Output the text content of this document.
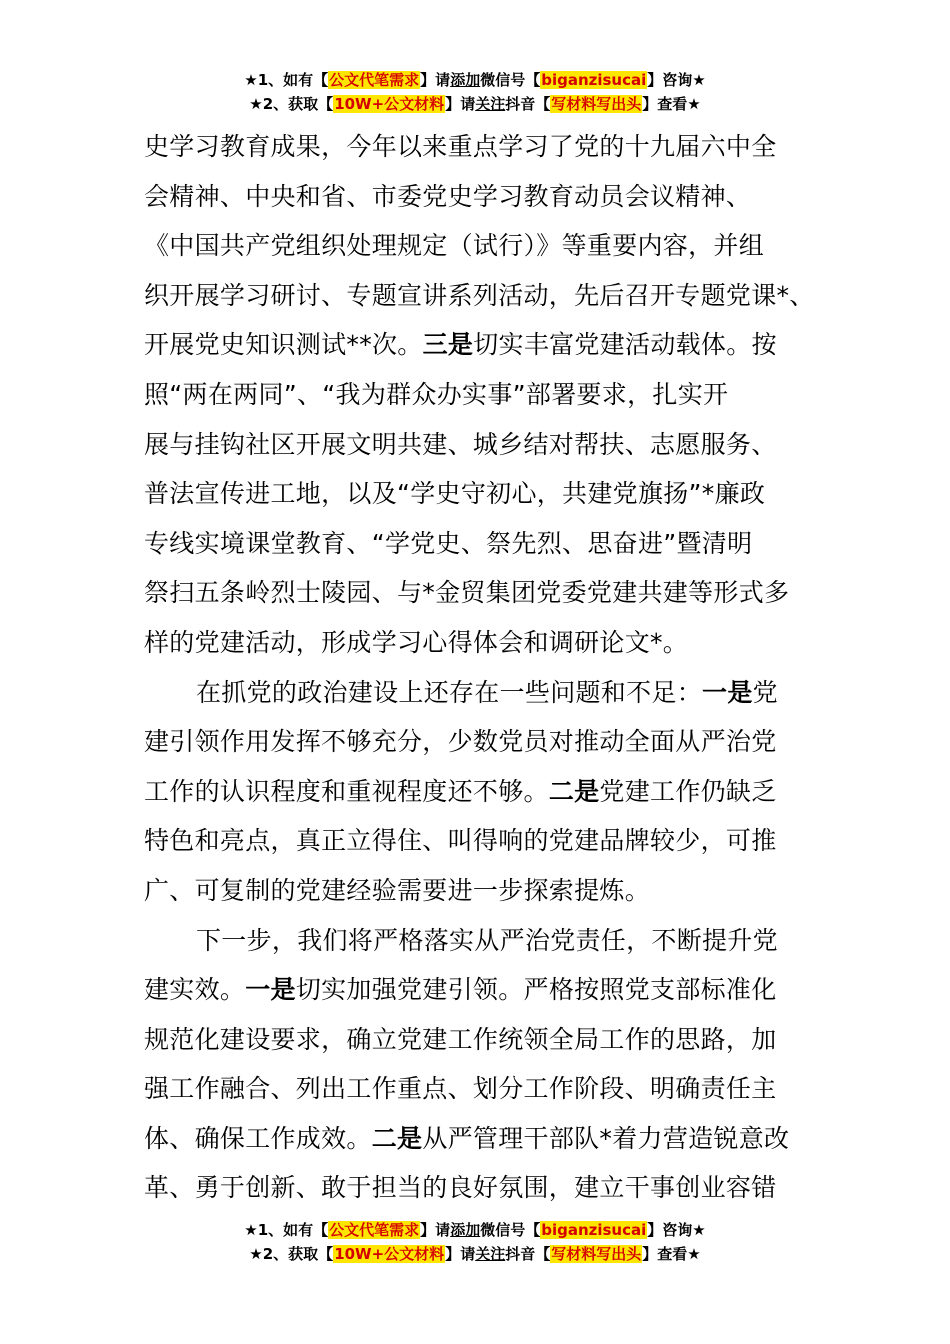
★1、如有【公文代笔需求】请添加微信号【biganzisucai】咨询★
★2、获取【10W+公文材料】请关注抖音【写材料写出头】查看★
史学习教育成果，今年以来重点学习了党的十九届六中全
会精神、中央和省、市委党史学习教育动员会议精神、
《中国共产党组织处理规定（试行）》等重要内容，并组
织开展学习研讨、专题宣讲系列活动，先后召开专题党课*、
开展党史知识测试**次。三是切实丰富党建活动载体。按
照“两在两同”、“我为群众办实事”部署要求，扎实开
展与挂钩社区开展文明共建、城乡结对帮扶、志愿服务、
普法宣传进工地，以及“学史守初心，共建党旗扬”*廉政
专线实境课堂教育、“学党史、祭先烈、思奋进”暨清明
祭扫五条岭烈士陵园、与*金贸集团党委党建共建等形式多
样的党建活动，形成学习心得体会和调研论文*。
在抓党的政治建设上还存在一些问题和不足：一是党
建引领作用发挥不够充分，少数党员对推动全面从严治党
工作的认识程度和重视程度还不够。二是党建工作仍缺乏
特色和亮点，真正立得住、叫得响的党建品牌较少，可推
广、可复制的党建经验需要进一步探索提炼。
下一步，我们将严格落实从严治党责任，不断提升党
建实效。一是切实加强党建引领。严格按照党支部标准化
规范化建设要求，确立党建工作统领全局工作的思路，加
强工作融合、列出工作重点、划分工作阶段、明确责任主
体、确保工作成效。二是从严管理干部队*着力营造锐意改
革、勇于创新、敢于担当的良好氛围，建立干事创业容错
★1、如有【公文代笔需求】请添加微信号【biganzisucai】咨询★
★2、获取【10W+公文材料】请关注抖音【写材料写出头】查看★
